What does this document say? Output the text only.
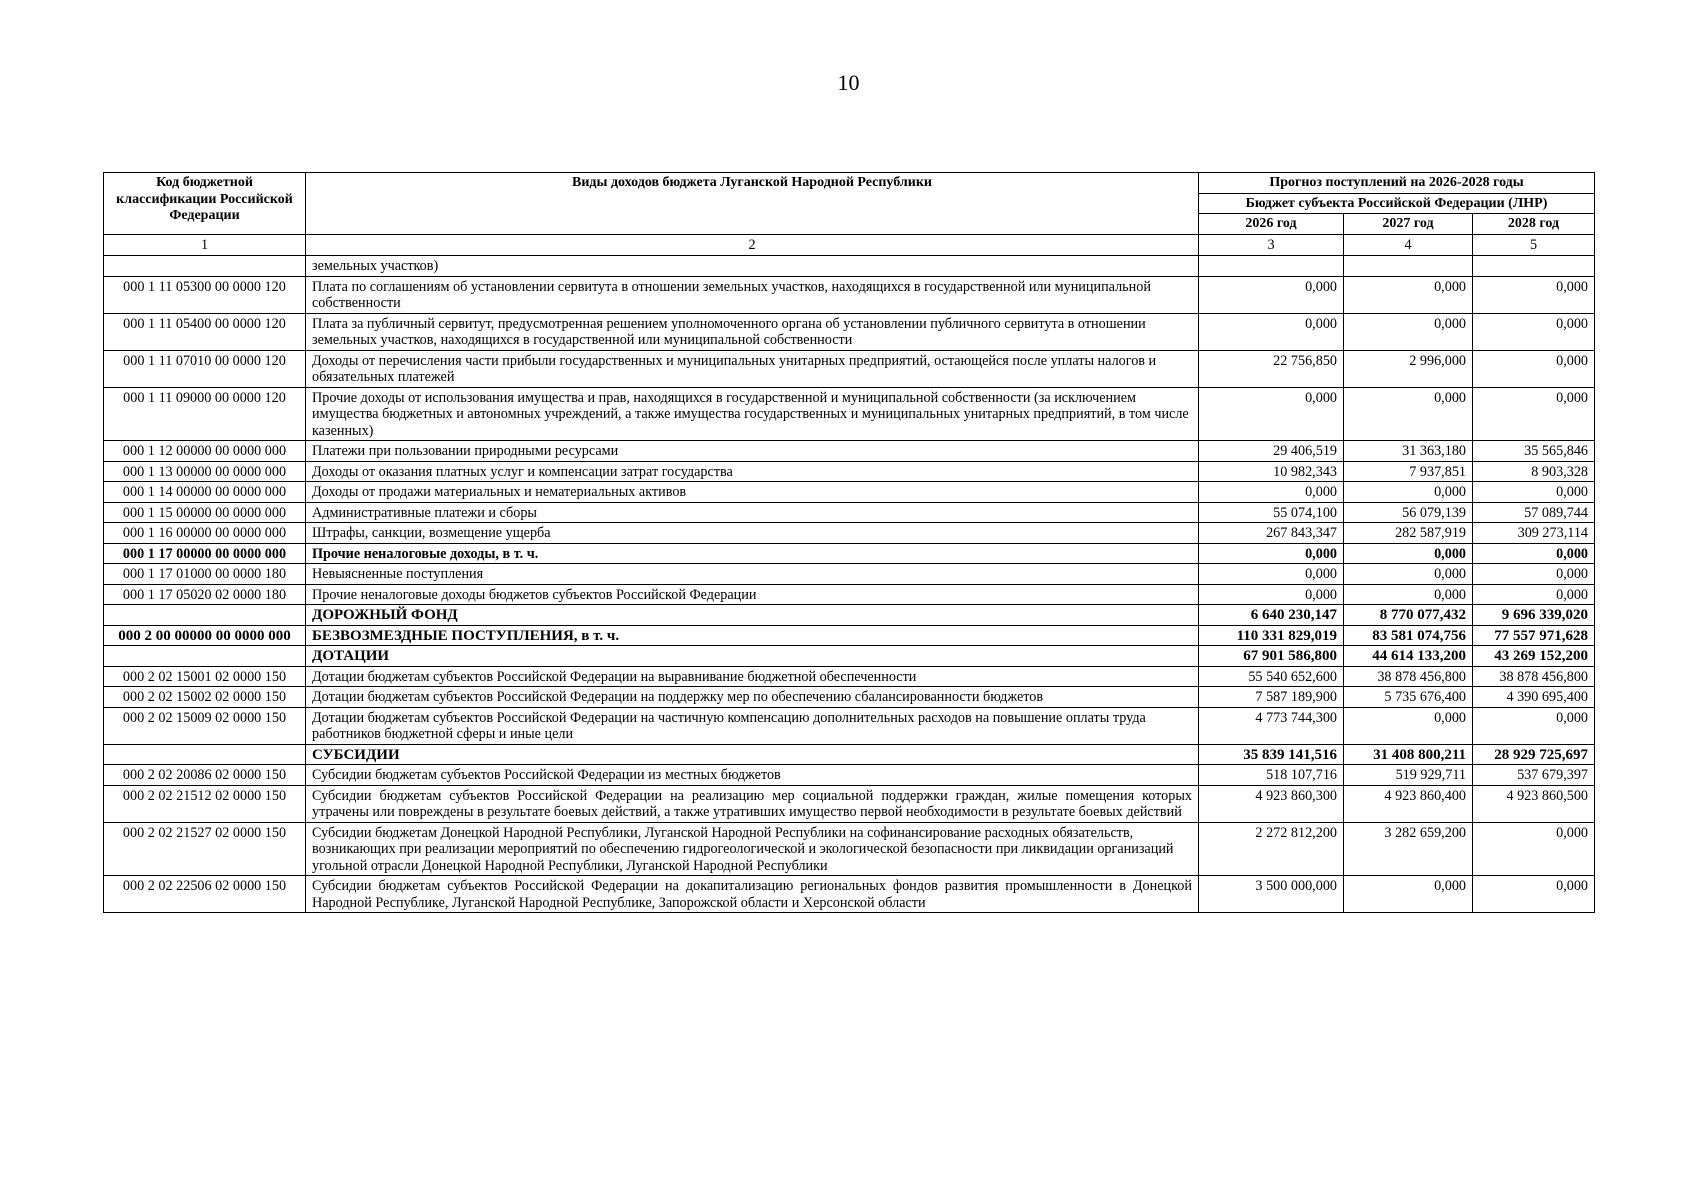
10
Код бюджетной классификации Российской Федерации	Виды доходов бюджета Луганской Народной Республики	Прогноз поступлений на 2026-2028 годы		
		Бюджет субъекта Российской Федерации (ЛНР)		
		2026 год	2027 год	2028 год
1	2	3	4	5
	земельных участков)			
000 1 11 05300 00 0000 120	Плата по соглашениям об установлении сервитута в отношении земельных участков, находящихся в государственной или муниципальной собственности	0,000	0,000	0,000
000 1 11 05400 00 0000 120	Плата за публичный сервитут, предусмотренная решением уполномоченного органа об установлении публичного сервитута в отношении земельных участков, находящихся в государственной или муниципальной собственности	0,000	0,000	0,000
000 1 11 07010 00 0000 120	Доходы от перечисления части прибыли государственных и муниципальных унитарных предприятий, остающейся после уплаты налогов и обязательных платежей	22 756,850	2 996,000	0,000
000 1 11 09000 00 0000 120	Прочие доходы от использования имущества и прав, находящихся в государственной и муниципальной собственности (за исключением имущества бюджетных и автономных учреждений, а также имущества государственных и муниципальных унитарных предприятий, в том числе казенных)	0,000	0,000	0,000
000 1 12 00000 00 0000 000	Платежи при пользовании природными ресурсами	29 406,519	31 363,180	35 565,846
000 1 13 00000 00 0000 000	Доходы от оказания платных услуг и компенсации затрат государства	10 982,343	7 937,851	8 903,328
000 1 14 00000 00 0000 000	Доходы от продажи материальных и нематериальных активов	0,000	0,000	0,000
000 1 15 00000 00 0000 000	Административные платежи и сборы	55 074,100	56 079,139	57 089,744
000 1 16 00000 00 0000 000	Штрафы, санкции, возмещение ущерба	267 843,347	282 587,919	309 273,114
000 1 17 00000 00 0000 000	Прочие неналоговые доходы, в т. ч.	0,000	0,000	0,000
000 1 17 01000 00 0000 180	Невыясненные поступления	0,000	0,000	0,000
000 1 17 05020 02 0000 180	Прочие неналоговые доходы бюджетов субъектов Российской Федерации	0,000	0,000	0,000
	ДОРОЖНЫЙ ФОНД	6 640 230,147	8 770 077,432	9 696 339,020
000 2 00 00000 00 0000 000	БЕЗВОЗМЕЗДНЫЕ ПОСТУПЛЕНИЯ, в т. ч.	110 331 829,019	83 581 074,756	77 557 971,628
	ДОТАЦИИ	67 901 586,800	44 614 133,200	43 269 152,200
000 2 02 15001 02 0000 150	Дотации бюджетам субъектов Российской Федерации на выравнивание бюджетной обеспеченности	55 540 652,600	38 878 456,800	38 878 456,800
000 2 02 15002 02 0000 150	Дотации бюджетам субъектов Российской Федерации на поддержку мер по обеспечению сбалансированности бюджетов	7 587 189,900	5 735 676,400	4 390 695,400
000 2 02 15009 02 0000 150	Дотации бюджетам субъектов Российской Федерации на частичную компенсацию дополнительных расходов на повышение оплаты труда работников бюджетной сферы и иные цели	4 773 744,300	0,000	0,000
	СУБСИДИИ	35 839 141,516	31 408 800,211	28 929 725,697
000 2 02 20086 02 0000 150	Субсидии бюджетам субъектов Российской Федерации из местных бюджетов	518 107,716	519 929,711	537 679,397
000 2 02 21512 02 0000 150	Субсидии бюджетам субъектов Российской Федерации на реализацию мер социальной поддержки граждан, жилые помещения которых утрачены или повреждены в результате боевых действий, а также утративших имущество первой необходимости в результате боевых действий	4 923 860,300	4 923 860,400	4 923 860,500
000 2 02 21527 02 0000 150	Субсидии бюджетам Донецкой Народной Республики, Луганской Народной Республики на софинансирование расходных обязательств, возникающих при реализации мероприятий по обеспечению гидрогеологической и экологической безопасности при ликвидации организаций угольной отрасли Донецкой Народной Республики, Луганской Народной Республики	2 272 812,200	3 282 659,200	0,000
000 2 02 22506 02 0000 150	Субсидии бюджетам субъектов Российской Федерации на докапитализацию региональных фондов развития промышленности в Донецкой Народной Республике, Луганской Народной Республике, Запорожской области и Херсонской области	3 500 000,000	0,000	0,000
